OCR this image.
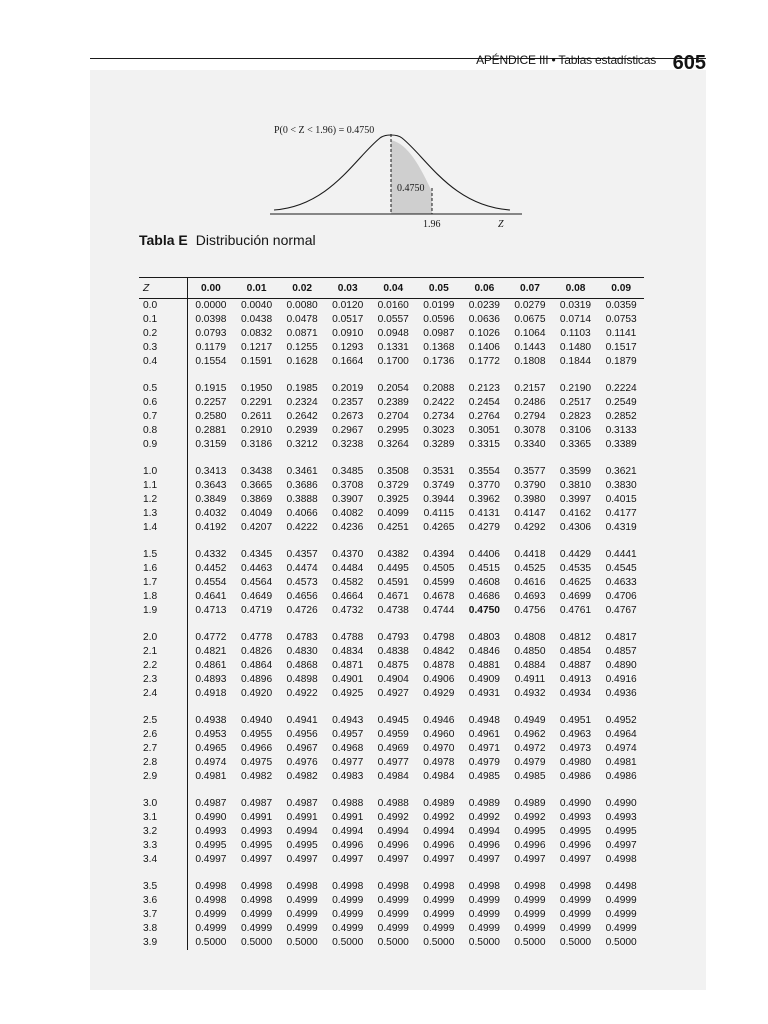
APÉNDICE III • Tablas estadísticas 605
P(0 < Z < 1.96) = 0.4750
0.4750
1.96	Z
Tabla E Distribución normal
Z	0.00	0.01	0.02	0.03	0.04	0.05	0.06	0.07	0.08	0.09
0.0	0.0000	0.0040	0.0080	0.0120	0.0160	0.0199	0.0239	0.0279	0.0319	0.0359
0.1	0.0398	0.0438	0.0478	0.0517	0.0557	0.0596	0.0636	0.0675	0.0714	0.0753
0.2	0.0793	0.0832	0.0871	0.0910	0.0948	0.0987	0.1026	0.1064	0.1103	0.1141
0.3	0.1179	0.1217	0.1255	0.1293	0.1331	0.1368	0.1406	0.1443	0.1480	0.1517
0.4	0.1554	0.1591	0.1628	0.1664	0.1700	0.1736	0.1772	0.1808	0.1844	0.1879

0.5	0.1915	0.1950	0.1985	0.2019	0.2054	0.2088	0.2123	0.2157	0.2190	0.2224
0.6	0.2257	0.2291	0.2324	0.2357	0.2389	0.2422	0.2454	0.2486	0.2517	0.2549
0.7	0.2580	0.2611	0.2642	0.2673	0.2704	0.2734	0.2764	0.2794	0.2823	0.2852
0.8	0.2881	0.2910	0.2939	0.2967	0.2995	0.3023	0.3051	0.3078	0.3106	0.3133
0.9	0.3159	0.3186	0.3212	0.3238	0.3264	0.3289	0.3315	0.3340	0.3365	0.3389

1.0	0.3413	0.3438	0.3461	0.3485	0.3508	0.3531	0.3554	0.3577	0.3599	0.3621
1.1	0.3643	0.3665	0.3686	0.3708	0.3729	0.3749	0.3770	0.3790	0.3810	0.3830
1.2	0.3849	0.3869	0.3888	0.3907	0.3925	0.3944	0.3962	0.3980	0.3997	0.4015
1.3	0.4032	0.4049	0.4066	0.4082	0.4099	0.4115	0.4131	0.4147	0.4162	0.4177
1.4	0.4192	0.4207	0.4222	0.4236	0.4251	0.4265	0.4279	0.4292	0.4306	0.4319

1.5	0.4332	0.4345	0.4357	0.4370	0.4382	0.4394	0.4406	0.4418	0.4429	0.4441
1.6	0.4452	0.4463	0.4474	0.4484	0.4495	0.4505	0.4515	0.4525	0.4535	0.4545
1.7	0.4554	0.4564	0.4573	0.4582	0.4591	0.4599	0.4608	0.4616	0.4625	0.4633
1.8	0.4641	0.4649	0.4656	0.4664	0.4671	0.4678	0.4686	0.4693	0.4699	0.4706
1.9	0.4713	0.4719	0.4726	0.4732	0.4738	0.4744	0.4750	0.4756	0.4761	0.4767

2.0	0.4772	0.4778	0.4783	0.4788	0.4793	0.4798	0.4803	0.4808	0.4812	0.4817
2.1	0.4821	0.4826	0.4830	0.4834	0.4838	0.4842	0.4846	0.4850	0.4854	0.4857
2.2	0.4861	0.4864	0.4868	0.4871	0.4875	0.4878	0.4881	0.4884	0.4887	0.4890
2.3	0.4893	0.4896	0.4898	0.4901	0.4904	0.4906	0.4909	0.4911	0.4913	0.4916
2.4	0.4918	0.4920	0.4922	0.4925	0.4927	0.4929	0.4931	0.4932	0.4934	0.4936

2.5	0.4938	0.4940	0.4941	0.4943	0.4945	0.4946	0.4948	0.4949	0.4951	0.4952
2.6	0.4953	0.4955	0.4956	0.4957	0.4959	0.4960	0.4961	0.4962	0.4963	0.4964
2.7	0.4965	0.4966	0.4967	0.4968	0.4969	0.4970	0.4971	0.4972	0.4973	0.4974
2.8	0.4974	0.4975	0.4976	0.4977	0.4977	0.4978	0.4979	0.4979	0.4980	0.4981
2.9	0.4981	0.4982	0.4982	0.4983	0.4984	0.4984	0.4985	0.4985	0.4986	0.4986

3.0	0.4987	0.4987	0.4987	0.4988	0.4988	0.4989	0.4989	0.4989	0.4990	0.4990
3.1	0.4990	0.4991	0.4991	0.4991	0.4992	0.4992	0.4992	0.4992	0.4993	0.4993
3.2	0.4993	0.4993	0.4994	0.4994	0.4994	0.4994	0.4994	0.4995	0.4995	0.4995
3.3	0.4995	0.4995	0.4995	0.4996	0.4996	0.4996	0.4996	0.4996	0.4996	0.4997
3.4	0.4997	0.4997	0.4997	0.4997	0.4997	0.4997	0.4997	0.4997	0.4997	0.4998

3.5	0.4998	0.4998	0.4998	0.4998	0.4998	0.4998	0.4998	0.4998	0.4998	0.4498
3.6	0.4998	0.4998	0.4999	0.4999	0.4999	0.4999	0.4999	0.4999	0.4999	0.4999
3.7	0.4999	0.4999	0.4999	0.4999	0.4999	0.4999	0.4999	0.4999	0.4999	0.4999
3.8	0.4999	0.4999	0.4999	0.4999	0.4999	0.4999	0.4999	0.4999	0.4999	0.4999
3.9	0.5000	0.5000	0.5000	0.5000	0.5000	0.5000	0.5000	0.5000	0.5000	0.5000
